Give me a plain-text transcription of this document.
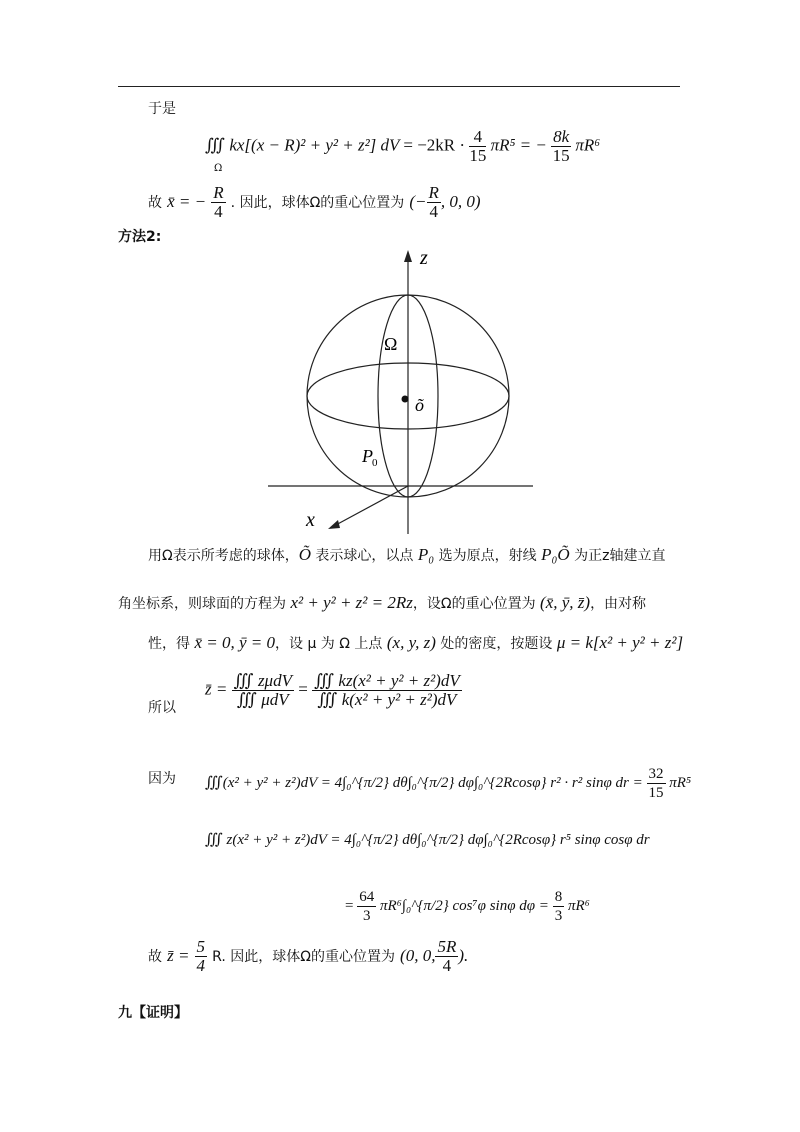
于是
∭ kx[(x − R)² + y² + z²] dV = $-2kR \cdot \frac{4}{15} \pi R^5$ = − $\frac{8k}{15} \pi R^6$
Ω
故 x̄ = − $\frac{R}{4}$ . 因此，球体Ω的重心位置为 (− $\frac{R}{4}$ , 0, 0)
方法2:
z
x
Ω
õ
P 0
用Ω表示所考虑的球体，Õ 表示球心，以点 P₀ 选为原点，射线 P₀Õ 为正z轴建立直
角坐标系，则球面的方程为 x² + y² + z² = 2Rz，设Ω的重心位置为 (x̄, ȳ, z̄)，由对称
性，得 x̄ = 0, ȳ = 0，设 μ 为 Ω 上点 (x, y, z) 处的密度，按题设 μ = k[x² + y² + z²]
所以
z̄ = $\frac{\text{∭ zμdV}}{\text{∭ μdV}} = \frac{\text{∭ kz(x² + y² + z²)dV}}{\text{∭ k(x² + y² + z²)dV}}$
因为 ∭(x² + y² + z²)dV = 4∫₀^{π/2} dθ∫₀^{π/2} dφ∫₀^{2Rcosφ} r² · r² sinφ dr = $\frac{32}{15} \pi R^5$
∭ z(x² + y² + z²)dV = 4∫₀^{π/2} dθ∫₀^{π/2} dφ∫₀^{2Rcosφ} r⁵ sinφ cosφ dr
= $\frac{64}{3}$ πR⁶∫₀^{π/2} cos⁷φ sinφ $d\varphi = \frac{8}{3} \pi R^6$
故 z̄ = $\frac{5}{4} R$. 因此，球体Ω的重心位置为 (0, 0, $\frac{5R}{4}$ ).
九【证明】
